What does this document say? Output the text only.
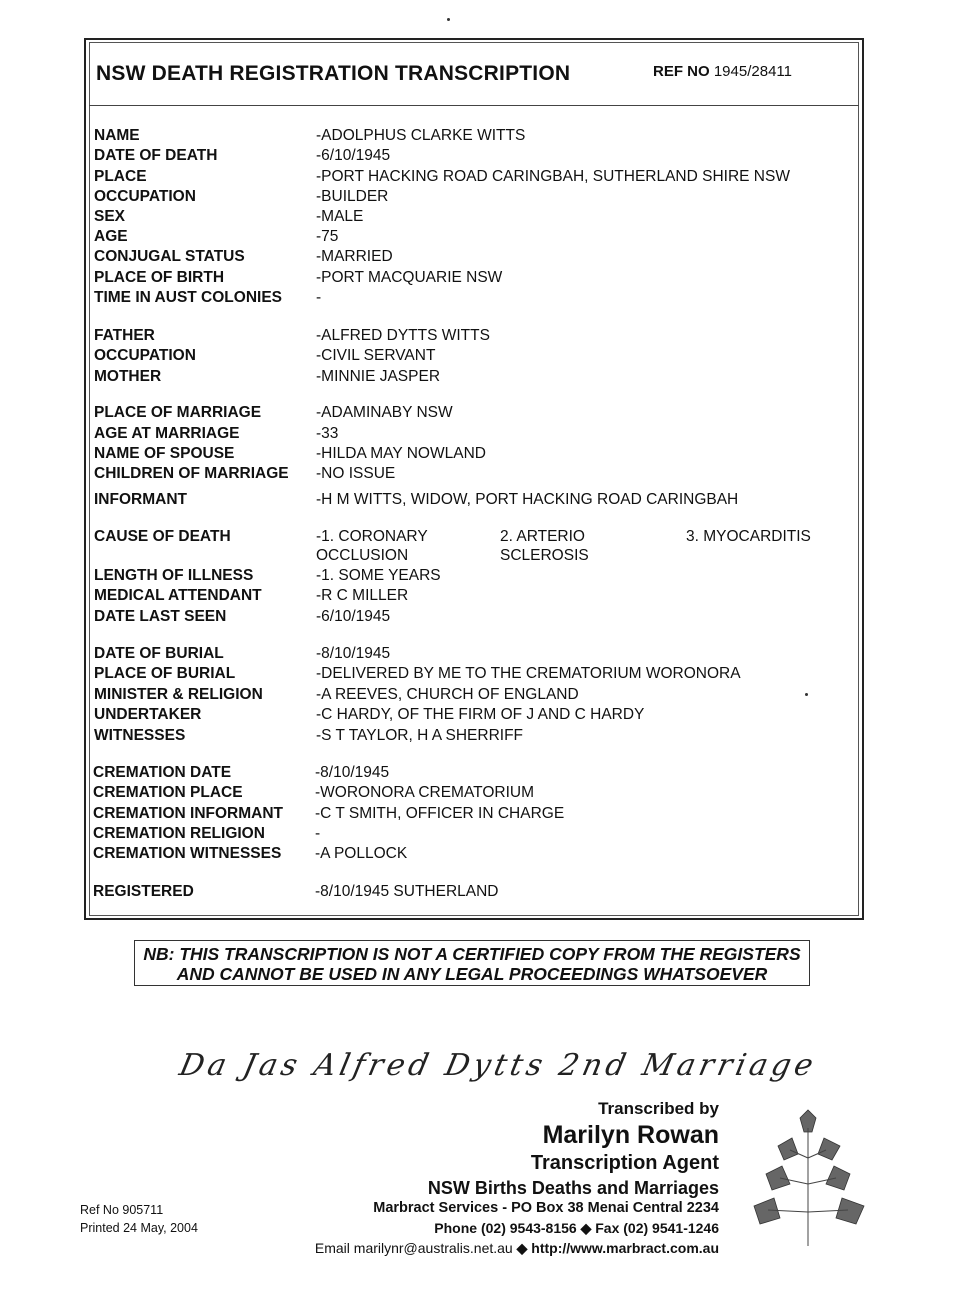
NSW DEATH REGISTRATION TRANSCRIPTION	REF NO 1945/28411
NAME	-ADOLPHUS CLARKE WITTS
DATE OF DEATH	-6/10/1945
PLACE	-PORT HACKING ROAD CARINGBAH, SUTHERLAND SHIRE NSW
OCCUPATION	-BUILDER
SEX	-MALE
AGE	-75
CONJUGAL STATUS	-MARRIED
PLACE OF BIRTH	-PORT MACQUARIE NSW
TIME IN AUST COLONIES -
FATHER	-ALFRED DYTTS WITTS
OCCUPATION	-CIVIL SERVANT
MOTHER	-MINNIE JASPER
PLACE OF MARRIAGE	-ADAMINABY NSW
AGE AT MARRIAGE	-33
NAME OF SPOUSE	-HILDA MAY NOWLAND
CHILDREN OF MARRIAGE -NO ISSUE
INFORMANT	-H M WITTS, WIDOW, PORT HACKING ROAD CARINGBAH
CAUSE OF DEATH	-1. CORONARY	2. ARTERIO	3. MYOCARDITIS
OCCLUSION	SCLEROSIS
LENGTH OF ILLNESS	-1. SOME YEARS
MEDICAL ATTENDANT	-R C MILLER
DATE LAST SEEN	-6/10/1945
DATE OF BURIAL	-8/10/1945
PLACE OF BURIAL	-DELIVERED BY ME TO THE CREMATORIUM WORONORA
MINISTER & RELIGION	-A REEVES, CHURCH OF ENGLAND
UNDERTAKER	-C HARDY, OF THE FIRM OF J AND C HARDY
WITNESSES	-S T TAYLOR, H A SHERRIFF
CREMATION DATE	-8/10/1945
CREMATION PLACE	-WORONORA CREMATORIUM
CREMATION INFORMANT -C T SMITH, OFFICER IN CHARGE
CREMATION RELIGION	-
CREMATION WITNESSES -A POLLOCK
REGISTERED	-8/10/1945 SUTHERLAND
NB: THIS TRANSCRIPTION IS NOT A CERTIFIED COPY FROM THE REGISTERS
AND CANNOT BE USED IN ANY LEGAL PROCEEDINGS WHATSOEVER
Da Jas Alfred Dytts 2nd Marriage
Transcribed by
Marilyn Rowan
Transcription Agent
NSW Births Deaths and Marriages
Marbract Services - PO Box 38 Menai Central 2234
Phone (02) 9543-8156 ◆ Fax (02) 9541-1246
Email marilynr@australis.net.au ◆ http://www.marbract.com.au
Ref No 905711
Printed 24 May, 2004
